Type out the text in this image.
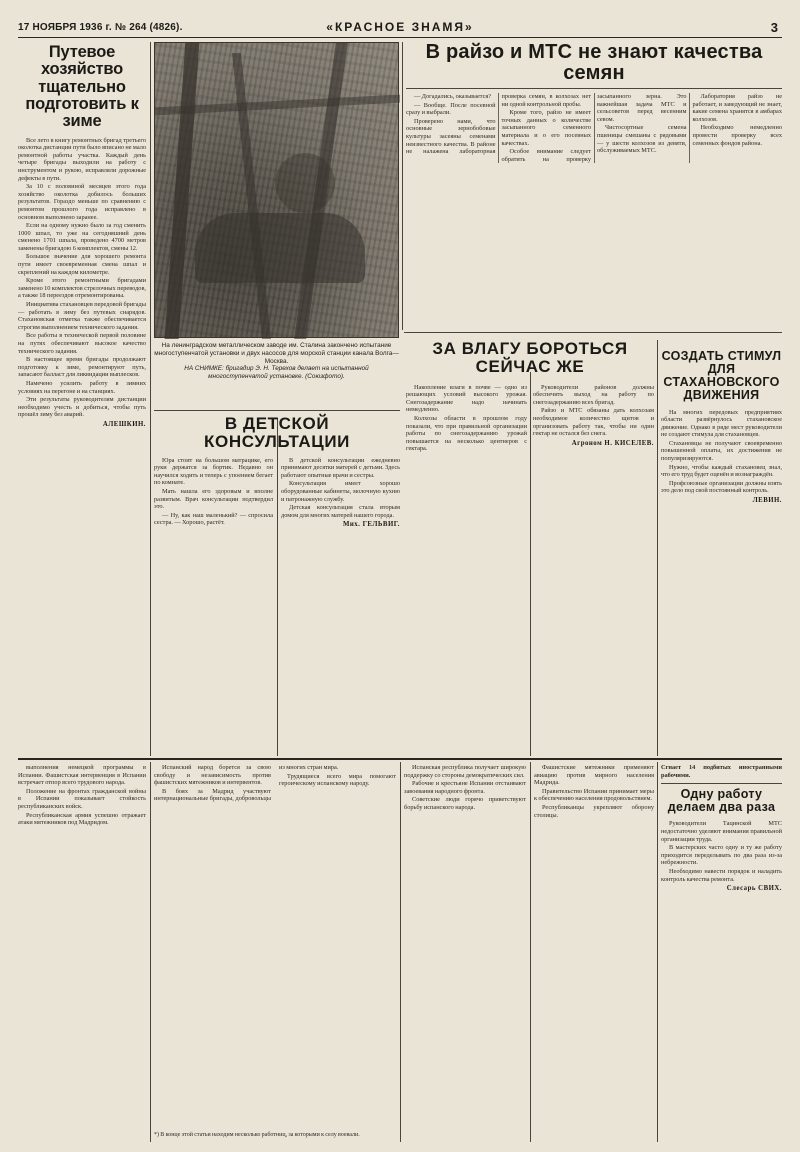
17 НОЯБРЯ 1936 г. № 264 (4826).	«КРАСНОЕ ЗНАМЯ»	3
Путевое хозяйство тщательно подготовить к зиме

Все лето в книгу ремонтных бригад третьего околотка дистанции пути было вписано не мало ремонтной работы участка. Каждый день четыре бригады выходили на работу с инструментом и рукою, исправляли дорожные дефекты в пути.

За 10 с половиной месяцев этого года хозяйство околотка добилось больших результатов. Гораздо меньше по сравнению с ремонтом прошлого года исправлено в основном выполнено заранее.

Если на одному нужно было за год сменить 1000 шпал, то уже на сегодняшний день сменено 1701 шпала, проведено 4700 метров заменены бригадою 6 комплектов, смены 12.

Большое значение для хорошего ремонта пути имеет своевременная смена шпал и скреплений на каждом километре.

Кроме этого ремонтными бригадами заменено 10 комплектов стрелочных переводов, а также 18 переездов отремонтированы.

Инициатива стахановцев передовой бригады — работать в зиму без путевых снарядов. Стахановская отметка также обеспечивается строгим выполнением технического задания.

Все работы в технической первой половине на путях обеспечивают высокое качество технического задания.

В настоящее время бригады продолжают подготовку к зиме, ремонтируют путь, запасают балласт для ликвидации выплесков.

Намечено усилить работу в зимних условиях на перегоне и на станциях.

Эти результаты руководителям дистанции необходимо учесть и добиться, чтобы путь прошёл зиму без аварий.

АЛЕШКИН.

На ленинградском металлическом заводе им. Сталина закончено испытание многоступенчатой установки и двух насосов для морской станции канала Волга—Москва.
НА СНИМКЕ: бригадир Э. Н. Терехов делает на испытанной многоступенчатой установке. (Союзфото).
В райзо и МТС не знают качества семян

— Догадались, оказывается?

— Вообще. После посевной сразу и выбрали.

Проверено нами, что основные зернобобовые культуры засеяны семенами неизвестного качества. В районе не налажена лабораторная проверка семян, в колхозах нет ни одной контрольной пробы.

Кроме того, райзо не имеет точных данных о количестве засыпанного семенного материала и о его посевных качествах.

Особое внимание следует обратить на проверку засыпанного зерна. Это важнейшая задача МТС и сельсоветов перед весенним севом.

Чистосортные семена пшеницы смешаны с рядовыми — у шести колхозов из девяти, обслуживаемых МТС.

Лаборатория райзо не работает, и заведующий не знает, какие семена хранятся в амбарах колхозов.

Необходимо немедленно провести проверку всех семенных фондов района.

ЗА ВЛАГУ БОРОТЬСЯ СЕЙЧАС ЖЕ

Накопление влаги в почве — одно из решающих условий высокого урожая. Снегозадержание надо начинать немедленно.

Колхозы области в прошлом году показали, что при правильной организации работы по снегозадержанию урожай повышается на несколько центнеров с гектара.

Руководители районов должны обеспечить выход на работу по снегозадержанию всех бригад.

Райзо и МТС обязаны дать колхозам необходимое количество щитов и организовать работу так, чтобы ни один гектар не остался без снега.

Агроном Н. КИСЕЛЕВ.

В ДЕТСКОЙ КОНСУЛЬТАЦИИ

Юра стоит на большом матрацике, его руки держатся за бортик. Недавно он научился ходить и теперь с упоением бегает по комнате.

Мать нашла его здоровым и вполне развитым. Врач консультации подтвердил это.

— Ну, как наш маленький? — спросила сестра. — Хорошо, растёт.

В детской консультации ежедневно принимают десятки матерей с детьми. Здесь работают опытные врачи и сестры.

Консультация имеет хорошо оборудованные кабинеты, молочную кухню и патронажную службу.

Детская консультация стала вторым домом для многих матерей нашего города.

Мих. ГЕЛЬВИГ.

СОЗДАТЬ СТИМУЛ ДЛЯ СТАХАНОВСКОГО ДВИЖЕНИЯ

На многих передовых предприятиях области развёрнулось стахановское движение. Однако в ряде мест руководители не создают стимула для стахановцев.

Стахановцы не получают своевременно повышенной оплаты, их достижения не популяризируются.

Нужно, чтобы каждый стахановец знал, что его труд будет оценён и вознаграждён.

Профсоюзные организации должны взять это дело под свой постоянный контроль.

ЛЕВИН.

выполнения немецкой программы в Испании. Фашистская интервенция в Испании встречает отпор всего трудового народа.

Положение на фронтах гражданской войны в Испании показывает стойкость республиканских войск.

Республиканская армия успешно отражает атаки мятежников под Мадридом.

Испанский народ борется за свою свободу и независимость против фашистских мятежников и интервентов.

В боях за Мадрид участвуют интернациональные бригады, добровольцы из многих стран мира.

Трудящиеся всего мира помогают героическому испанскому народу.

*) В конце этой статьи находим несколько работниц, за которыми к селу воевали.

Испанская республика получает широкую поддержку со стороны демократических сил.

Рабочие и крестьяне Испании отстаивают завоевания народного фронта.

Советские люди горячо приветствуют борьбу испанского народа.

Фашистские мятежники применяют авиацию против мирного населения Мадрида.

Правительство Испании принимает меры к обеспечению населения продовольствием.

Республиканцы укрепляют оборону столицы.

Сгнает 14 подбитых иностранными рабочими.

Одну работу делаем два раза

Руководители Тацинской МТС недостаточно уделяют внимания правильной организации труда.

В мастерских часто одну и ту же работу приходится переделывать по два раза из-за небрежности.

Необходимо навести порядок и наладить контроль качества ремонта.

Слесарь СВИХ.
